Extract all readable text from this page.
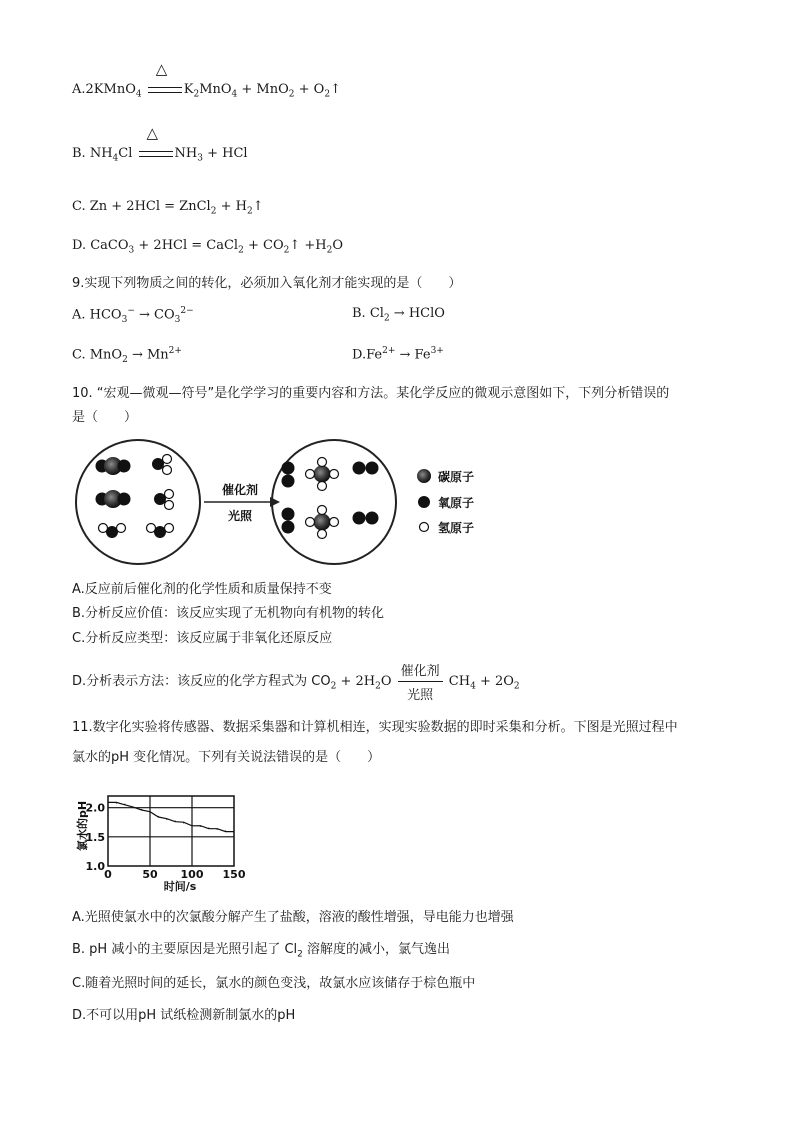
A.2KMnO$_4$
△
$K_2MnO_4 + MnO_2$ + $O_2↑$
B. $NH_4Cl$
△
$NH_3$ + HCl
C. Zn + 2HCl = ZnCl$_2$ + $H_2↑$
D. CaCO$_3$ + 2HCl = CaCl$_2$ + $CO_2↑ +H_2O$
9.实现下列物质之间的转化，必须加入氧化剂才能实现的是（　　）
A. $HCO_3^- \to CO_3^{2-}$	B. $Cl_2$ → HClO
C. $MnO_2 \to Mn^{2+}$	$D.Fe^{2+} \to Fe^{3+}$
10. “宏观—微观—符号”是化学学习的重要内容和方法。某化学反应的微观示意图如下，下列分析错误的
是（　　）
催化剂
光照
碳原子
氧原子
氢原子
A.反应前后催化剂的化学性质和质量保持不变
B.分析反应价值：该反应实现了无机物向有机物的转化
C.分析反应类型：该反应属于非氧化还原反应
D.分析表示方法：该反应的化学方程式为 $CO_2 + 2H_2O \frac{\text{催化剂}}{\text{光照}} CH_4 + 2O_2$
11.数字化实验将传感器、数据采集器和计算机相连，实现实验数据的即时采集和分析。下图是光照过程中
氯水的pH 变化情况。下列有关说法错误的是（　　）
氯水的pH
时间/s
0	50 100 150
1.0
1.5
2.0
A.光照使氯水中的次氯酸分解产生了盐酸，溶液的酸性增强，导电能力也增强
B. pH 减小的主要原因是光照引起了 $Cl_2$ 溶解度的减小，氯气逸出
C.随着光照时间的延长，氯水的颜色变浅，故氯水应该储存于棕色瓶中
D.不可以用pH 试纸检测新制氯水的pH
